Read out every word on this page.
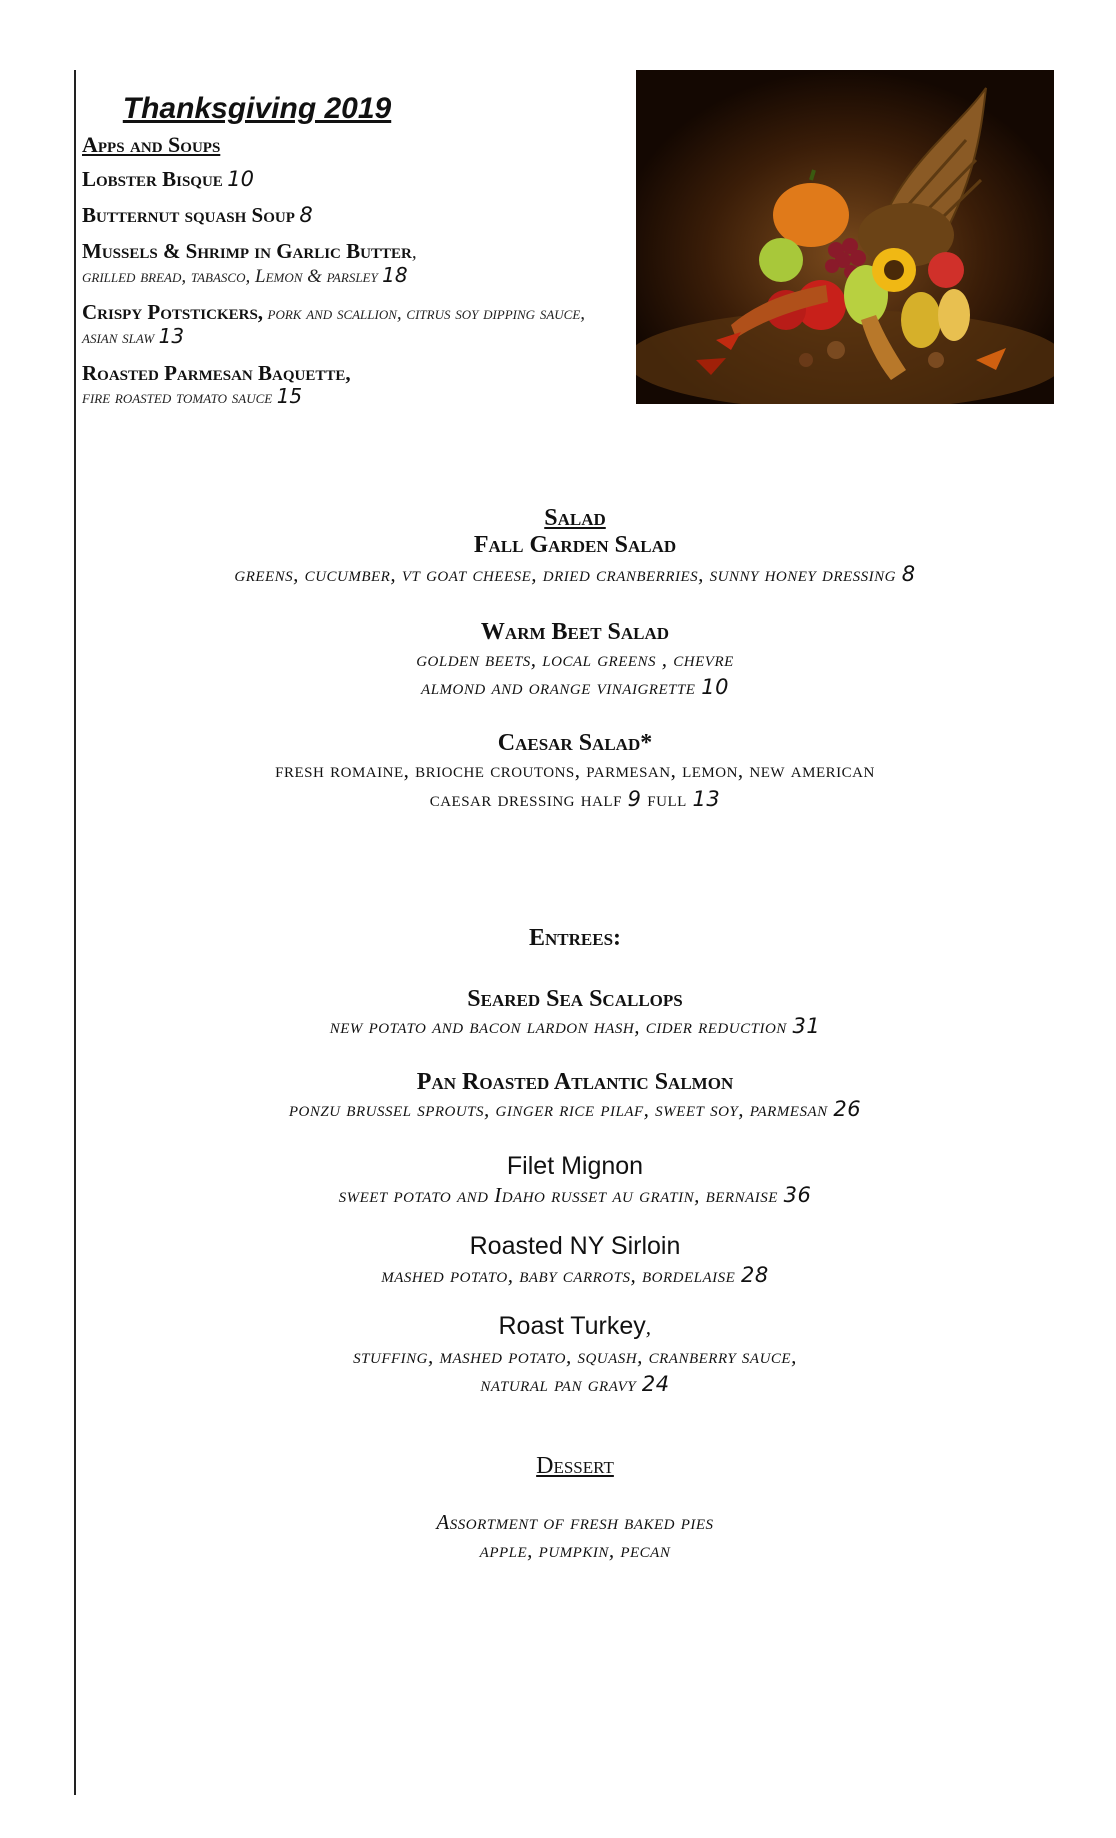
Thanksgiving 2019
Apps and Soups
Lobster Bisque 10
Butternut squash Soup 8
Mussels & Shrimp in Garlic Butter,
grilled bread, tabasco, Lemon & parsley 18
Crispy Potstickers, pork and scallion, citrus soy dipping sauce, asian slaw 13
Roasted Parmesan Baquette,
fire roasted tomato sauce 15
Salad
Fall Garden Salad
greens, cucumber, vt goat cheese, dried cranberries, sunny honey dressing 8
Warm Beet Salad
golden beets, local greens , chevre
almond and orange vinaigrette 10
Caesar Salad*
fresh romaine, brioche croutons, parmesan, lemon, new american
caesar dressing half 9 full 13
Entrees:
Seared Sea Scallops
new potato and bacon lardon hash, cider reduction 31
Pan Roasted Atlantic Salmon
ponzu brussel sprouts, ginger rice pilaf, sweet soy, parmesan 26
Filet Mignon
sweet potato and Idaho russet au gratin, bernaise 36
Roasted NY Sirloin
mashed potato, baby carrots, bordelaise 28
Roast Turkey,
stuffing, mashed potato, squash, cranberry sauce,
natural pan gravy 24
Dessert
Assortment of fresh baked pies
apple, pumpkin, pecan
